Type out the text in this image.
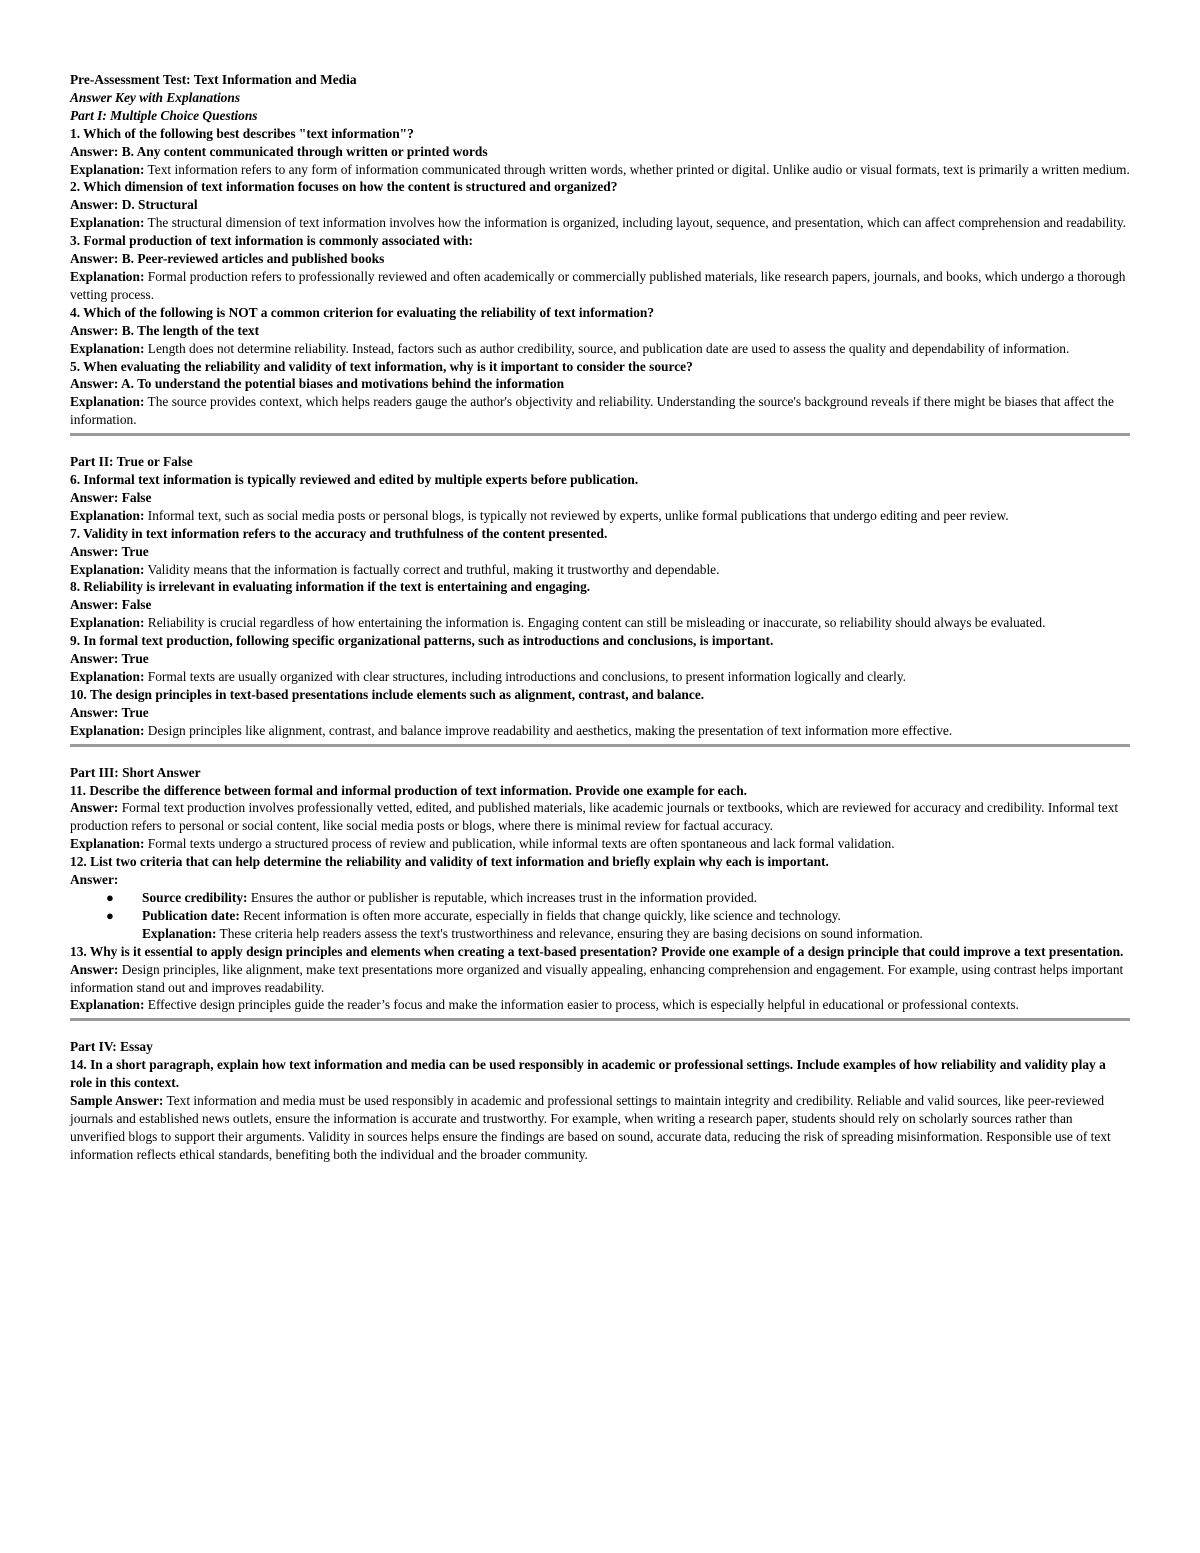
Pre-Assessment Test: Text Information and Media

Answer Key with Explanations

Part I: Multiple Choice Questions

1. Which of the following best describes "text information"?

Answer: B. Any content communicated through written or printed words

Explanation: Text information refers to any form of information communicated through written words, whether printed or digital. Unlike audio or visual formats, text is primarily a written medium.

2. Which dimension of text information focuses on how the content is structured and organized?

Answer: D. Structural

Explanation: The structural dimension of text information involves how the information is organized, including layout, sequence, and presentation, which can affect comprehension and readability.

3. Formal production of text information is commonly associated with:

Answer: B. Peer-reviewed articles and published books

Explanation: Formal production refers to professionally reviewed and often academically or commercially published materials, like research papers, journals, and books, which undergo a thorough vetting process.

4. Which of the following is NOT a common criterion for evaluating the reliability of text information?

Answer: B. The length of the text

Explanation: Length does not determine reliability. Instead, factors such as author credibility, source, and publication date are used to assess the quality and dependability of information.

5. When evaluating the reliability and validity of text information, why is it important to consider the source?

Answer: A. To understand the potential biases and motivations behind the information

Explanation: The source provides context, which helps readers gauge the author's objectivity and reliability. Understanding the source's background reveals if there might be biases that affect the information.

Part II: True or False

6. Informal text information is typically reviewed and edited by multiple experts before publication.

Answer: False

Explanation: Informal text, such as social media posts or personal blogs, is typically not reviewed by experts, unlike formal publications that undergo editing and peer review.

7. Validity in text information refers to the accuracy and truthfulness of the content presented.

Answer: True

Explanation: Validity means that the information is factually correct and truthful, making it trustworthy and dependable.

8. Reliability is irrelevant in evaluating information if the text is entertaining and engaging.

Answer: False

Explanation: Reliability is crucial regardless of how entertaining the information is. Engaging content can still be misleading or inaccurate, so reliability should always be evaluated.

9. In formal text production, following specific organizational patterns, such as introductions and conclusions, is important.

Answer: True

Explanation: Formal texts are usually organized with clear structures, including introductions and conclusions, to present information logically and clearly.

10. The design principles in text-based presentations include elements such as alignment, contrast, and balance.

Answer: True

Explanation: Design principles like alignment, contrast, and balance improve readability and aesthetics, making the presentation of text information more effective.

Part III: Short Answer

11. Describe the difference between formal and informal production of text information. Provide one example for each.

Answer: Formal text production involves professionally vetted, edited, and published materials, like academic journals or textbooks, which are reviewed for accuracy and credibility. Informal text production refers to personal or social content, like social media posts or blogs, where there is minimal review for factual accuracy.

Explanation: Formal texts undergo a structured process of review and publication, while informal texts are often spontaneous and lack formal validation.

12. List two criteria that can help determine the reliability and validity of text information and briefly explain why each is important.

Answer:

● Source credibility: Ensures the author or publisher is reputable, which increases trust in the information provided.
● Publication date: Recent information is often more accurate, especially in fields that change quickly, like science and technology.

Explanation: These criteria help readers assess the text's trustworthiness and relevance, ensuring they are basing decisions on sound information.

13. Why is it essential to apply design principles and elements when creating a text-based presentation? Provide one example of a design principle that could improve a text presentation.

Answer: Design principles, like alignment, make text presentations more organized and visually appealing, enhancing comprehension and engagement. For example, using contrast helps important information stand out and improves readability.

Explanation: Effective design principles guide the reader’s focus and make the information easier to process, which is especially helpful in educational or professional contexts.

Part IV: Essay

14. In a short paragraph, explain how text information and media can be used responsibly in academic or professional settings. Include examples of how reliability and validity play a role in this context.

Sample Answer: Text information and media must be used responsibly in academic and professional settings to maintain integrity and credibility. Reliable and valid sources, like peer-reviewed journals and established news outlets, ensure the information is accurate and trustworthy. For example, when writing a research paper, students should rely on scholarly sources rather than unverified blogs to support their arguments. Validity in sources helps ensure the findings are based on sound, accurate data, reducing the risk of spreading misinformation. Responsible use of text information reflects ethical standards, benefiting both the individual and the broader community.
